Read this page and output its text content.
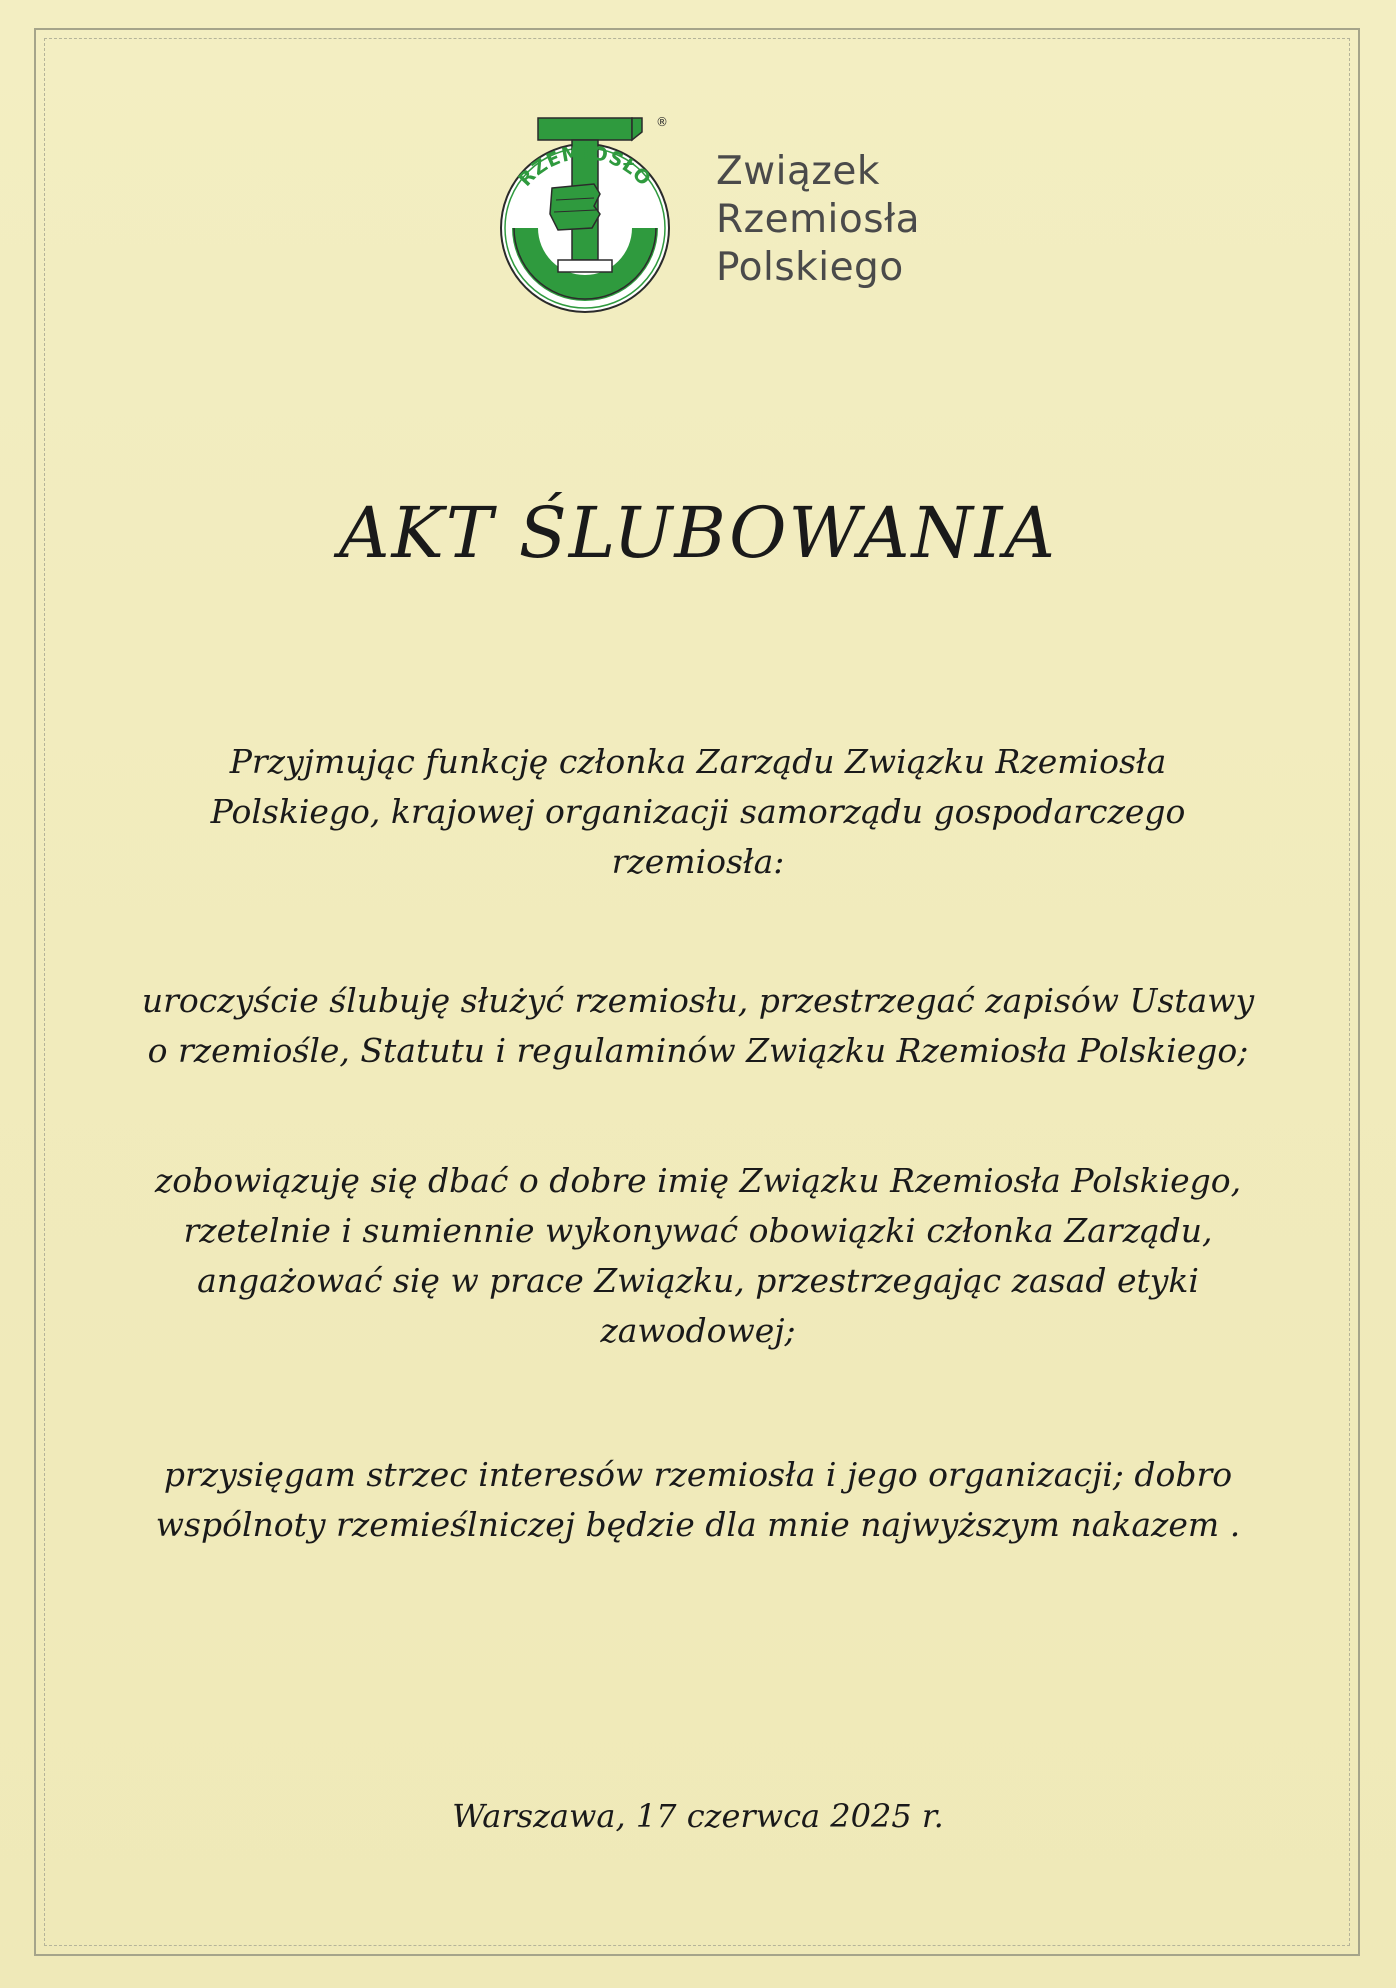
RZEMIOSŁO
®
Związek
Rzemiosła
Polskiego
AKT ŚLUBOWANIA
Przyjmując funkcję członka Zarządu Związku Rzemiosła
Polskiego, krajowej organizacji samorządu gospodarczego
rzemiosła:
uroczyście ślubuję służyć rzemiosłu, przestrzegać zapisów Ustawy
o rzemiośle, Statutu i regulaminów Związku Rzemiosła Polskiego;
zobowiązuję się dbać o dobre imię Związku Rzemiosła Polskiego,
rzetelnie i sumiennie wykonywać obowiązki członka Zarządu,
angażować się w prace Związku, przestrzegając zasad etyki
zawodowej;
przysięgam strzec interesów rzemiosła i jego organizacji; dobro
wspólnoty rzemieślniczej będzie dla mnie najwyższym nakazem .
Warszawa, 17 czerwca 2025 r.
